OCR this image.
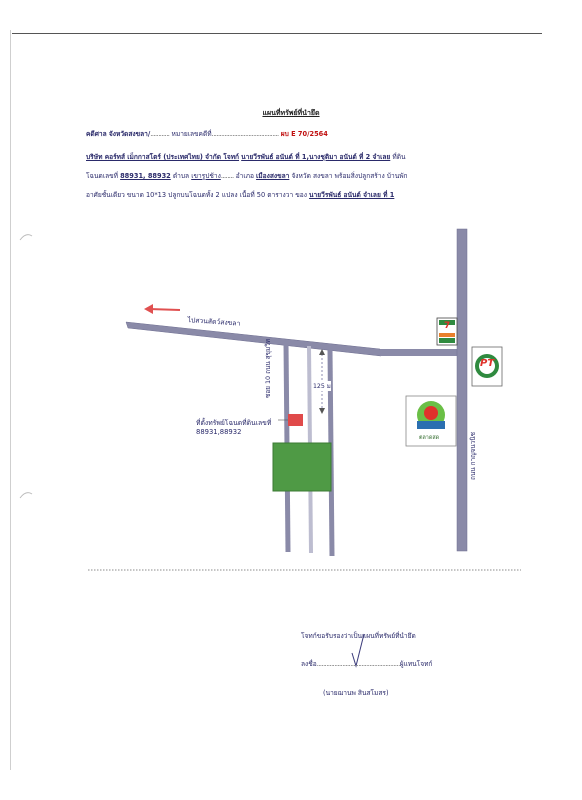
แผนที่ทรัพย์ที่นำยึด
คดีศาล จังหวัดสงขลา/............ หมายเลขคดีที่.......................................... ผบ E 70/2564
บริษัท คอร์ทส์ เม็กกาสโตร์ (ประเทศไทย) จำกัด โจทก์ นายวีรพันธ์ อนันต์ ที่ 1,นางชุติมา อนันต์ ที่ 2 จำเลย ที่ดิน
โฉนดเลขที่ 88931, 88932 ตำบล เขารูปช้าง........ อำเภอ เมืองสงขลา จังหวัด สงขลา พร้อมสิ่งปลูกสร้าง บ้านพัก
อาศัยชั้นเดียว ขนาด 10*13 ปลูกบนโฉนดทั้ง 2 แปลง เนื้อที่ 50 ตารางวา ของ นายวีรพันธ์ อนันต์ จำเลย ที่ 1
ไปสวนสัตว์สงขลา
ซอย 10 ถนน สุขุมวิท	125 ม
ที่ตั้งทรัพย์โฉนดที่ดินเลขที่
88931,88932
7
PT
ตลาดสด	ถนน กาญจนวนิช
โจทก์ขอรับรองว่าเป็นแผนที่ทรัพย์ที่นำยึด
ลงชื่อ....................................................ผู้แทนโจทก์
(นายฌานพ สินสโมสร)
